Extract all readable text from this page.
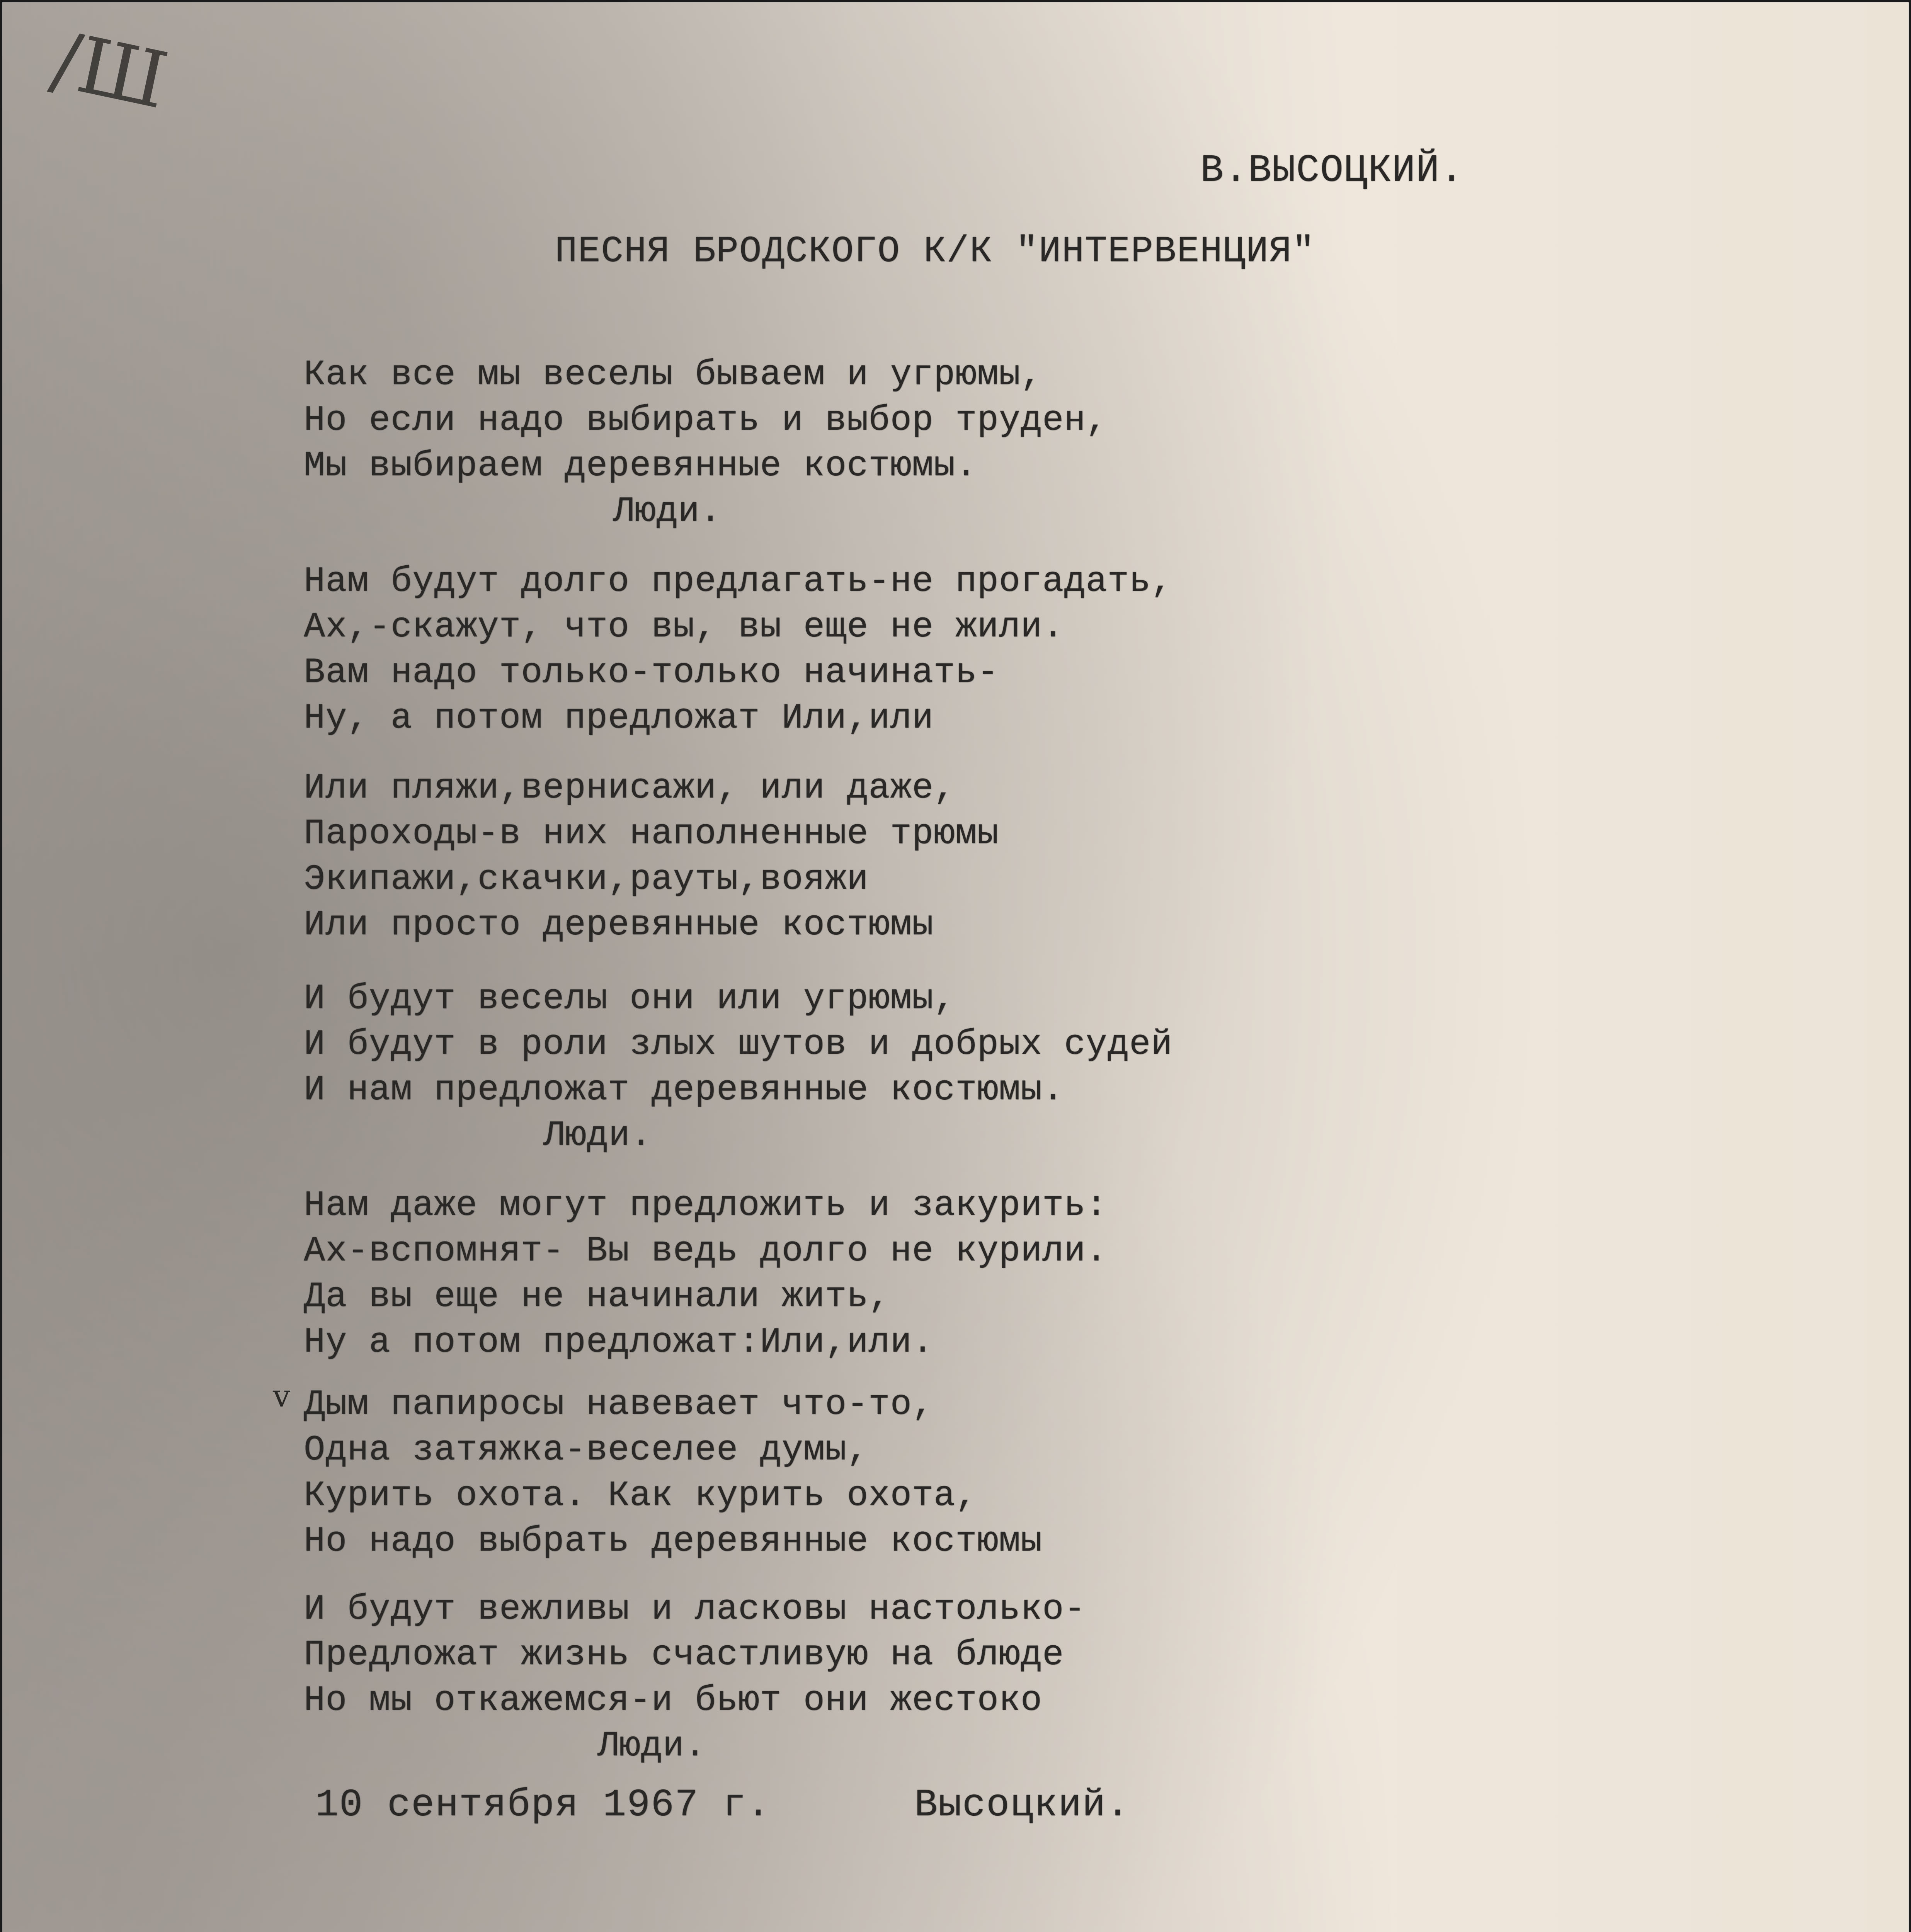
/Ш
В.ВЫСОЦКИЙ.
ПЕСНЯ БРОДСКОГО К/К "ИНТЕРВЕНЦИЯ"
Как все мы веселы бываем и угрюмы,
Но если надо выбирать и выбор труден,
Мы выбираем деревянные костюмы.
Люди.
Нам будут долго предлагать-не прогадать,
Ах,-скажут, что вы, вы еще не жили.
Вам надо только-только начинать-
Ну, а потом предложат Или,или
Или пляжи,вернисажи, или даже,
Пароходы-в них наполненные трюмы
Экипажи,скачки,рауты,вояжи
Или просто деревянные костюмы
И будут веселы они или угрюмы,
И будут в роли злых шутов и добрых судей
И нам предложат деревянные костюмы.
Люди.
Нам даже могут предложить и закурить:
Ах-вспомнят- Вы ведь долго не курили.
Да вы еще не начинали жить,
Ну а потом предложат:Или,или.
v Дым папиросы навевает что-то,
Одна затяжка-веселее думы,
Курить охота. Как курить охота,
Но надо выбрать деревянные костюмы
И будут вежливы и ласковы настолько-
Предложат жизнь счастливую на блюде
Но мы откажемся-и бьют они жестоко
Люди.
10 сентября 1967 г.	Высоцкий.
